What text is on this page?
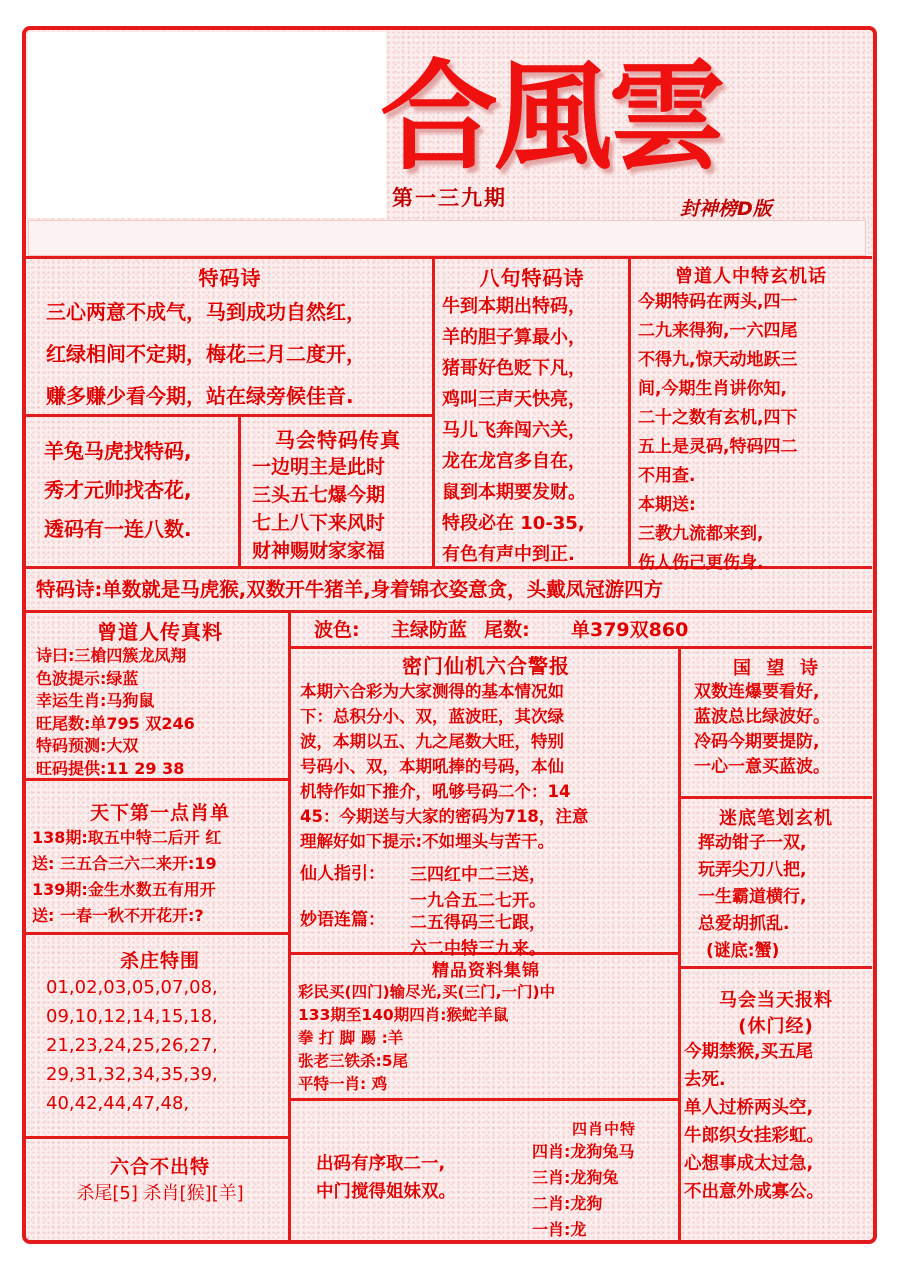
合風雲
第一三九期	封神榜D版
特码诗
三心两意不成气，马到成功自然红，
红绿相间不定期，梅花三月二度开，
赚多赚少看今期，站在绿旁候佳音.
八句特码诗
牛到本期出特码，
羊的胆子算最小，
猪哥好色贬下凡，
鸡叫三声天快亮，
马儿飞奔闯六关，
龙在龙宫多自在，
鼠到本期要发财。
特段必在 10-35,
有色有声中到正.
曾道人中特玄机话
今期特码在两头,四一
二九来得狗,一六四尾
不得九,惊天动地跃三
间,今期生肖讲你知,
二十之数有玄机,四下
五上是灵码,特码四二
不用查.
本期送:
三教九流都来到,
伤人伤己更伤身.
羊兔马虎找特码,
秀才元帅找杏花,
透码有一连八数.
马会特码传真
一边明主是此时
三头五七爆今期
七上八下来风时
财神赐财家家福
特码诗:单数就是马虎猴,双数开牛猪羊,身着锦衣姿意贪，头戴凤冠游四方
曾道人传真料
诗曰:三槍四簇龙凤翔
色波提示:绿蓝
幸运生肖:马狗鼠
旺尾数:单795 双246
特码预测:大双
旺码提供:11 29 38
波色: 主绿防蓝 尾数: 单379双860
密门仙机六合警报
本期六合彩为大家测得的基本情况如
下：总积分小、双，蓝波旺，其次绿
波，本期以五、九之尾数大旺，特别
号码小、双，本期吼捧的号码，本仙
机特作如下推介，吼够号码二个：14
45：今期送与大家的密码为718，注意
理解好如下提示:不如埋头与苦干。
仙人指引： 三四红中二三送，
一九合五二七开。
妙语连篇： 二五得码三七跟，
六二中特三九来。
国  望  诗
双数连爆要看好,
蓝波总比绿波好。
冷码今期要提防,
一心一意买蓝波。
天下第一点肖单
138期:取五中特二后开 红
送: 三五合三六二来开:19
139期:金生水数五有用开
送: 一春一秋不开花开:?
迷底笔划玄机
挥动钳子一双,
玩弄尖刀八把,
一生霸道横行,
总爱胡抓乱.
(谜底:蟹)
精品资料集锦
彩民买(四门)输尽光,买(三门,一门)中
133期至140期四肖:猴蛇羊鼠
拳 打 脚 踢 :羊
张老三铁杀:5尾
平特一肖: 鸡
杀庄特围
01,02,03,05,07,08,
09,10,12,14,15,18,
21,23,24,25,26,27,
29,31,32,34,35,39,
40,42,44,47,48,
马会当天报料
(休门经)
今期禁猴,买五尾
去死.
单人过桥两头空,
牛郎织女挂彩虹。
心想事成太过急,
不出意外成寡公。
出码有序取二一,
中门搅得姐妹双。
四肖中特
四肖:龙狗兔马
三肖:龙狗兔
二肖:龙狗
一肖:龙
六合不出特
杀尾[5] 杀肖[猴][羊]
